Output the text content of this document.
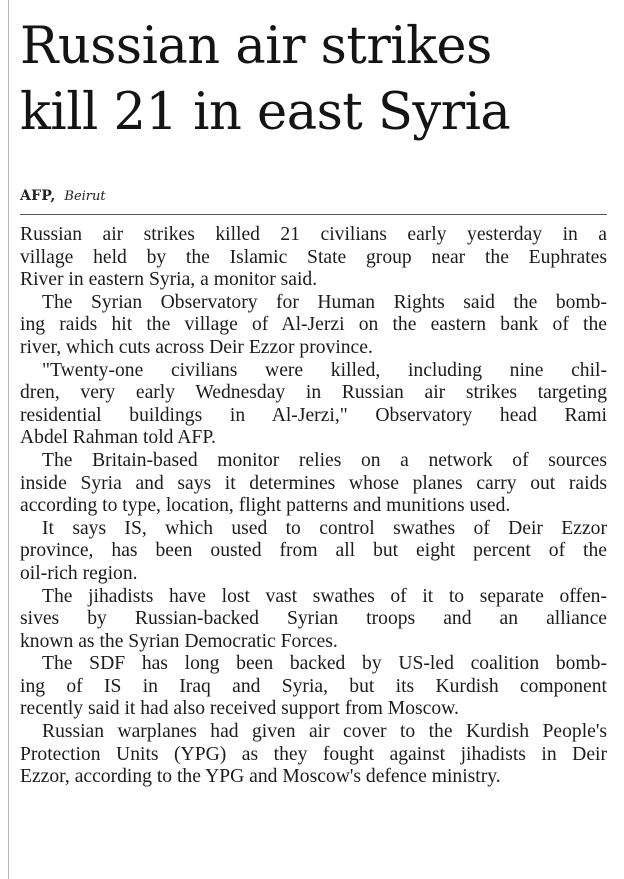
Russian air strikes
kill 21 in east Syria
AFP, Beirut
Russian air strikes killed 21 civilians early yesterday in a
village held by the Islamic State group near the Euphrates
River in eastern Syria, a monitor said.
The Syrian Observatory for Human Rights said the bomb-
ing raids hit the village of Al-Jerzi on the eastern bank of the
river, which cuts across Deir Ezzor province.
"Twenty-one civilians were killed, including nine chil-
dren, very early Wednesday in Russian air strikes targeting
residential buildings in Al-Jerzi," Observatory head Rami
Abdel Rahman told AFP.
The Britain-based monitor relies on a network of sources
inside Syria and says it determines whose planes carry out raids
according to type, location, flight patterns and munitions used.
It says IS, which used to control swathes of Deir Ezzor
province, has been ousted from all but eight percent of the
oil-rich region.
The jihadists have lost vast swathes of it to separate offen-
sives by Russian-backed Syrian troops and an alliance
known as the Syrian Democratic Forces.
The SDF has long been backed by US-led coalition bomb-
ing of IS in Iraq and Syria, but its Kurdish component
recently said it had also received support from Moscow.
Russian warplanes had given air cover to the Kurdish People's
Protection Units (YPG) as they fought against jihadists in Deir
Ezzor, according to the YPG and Moscow's defence ministry.
